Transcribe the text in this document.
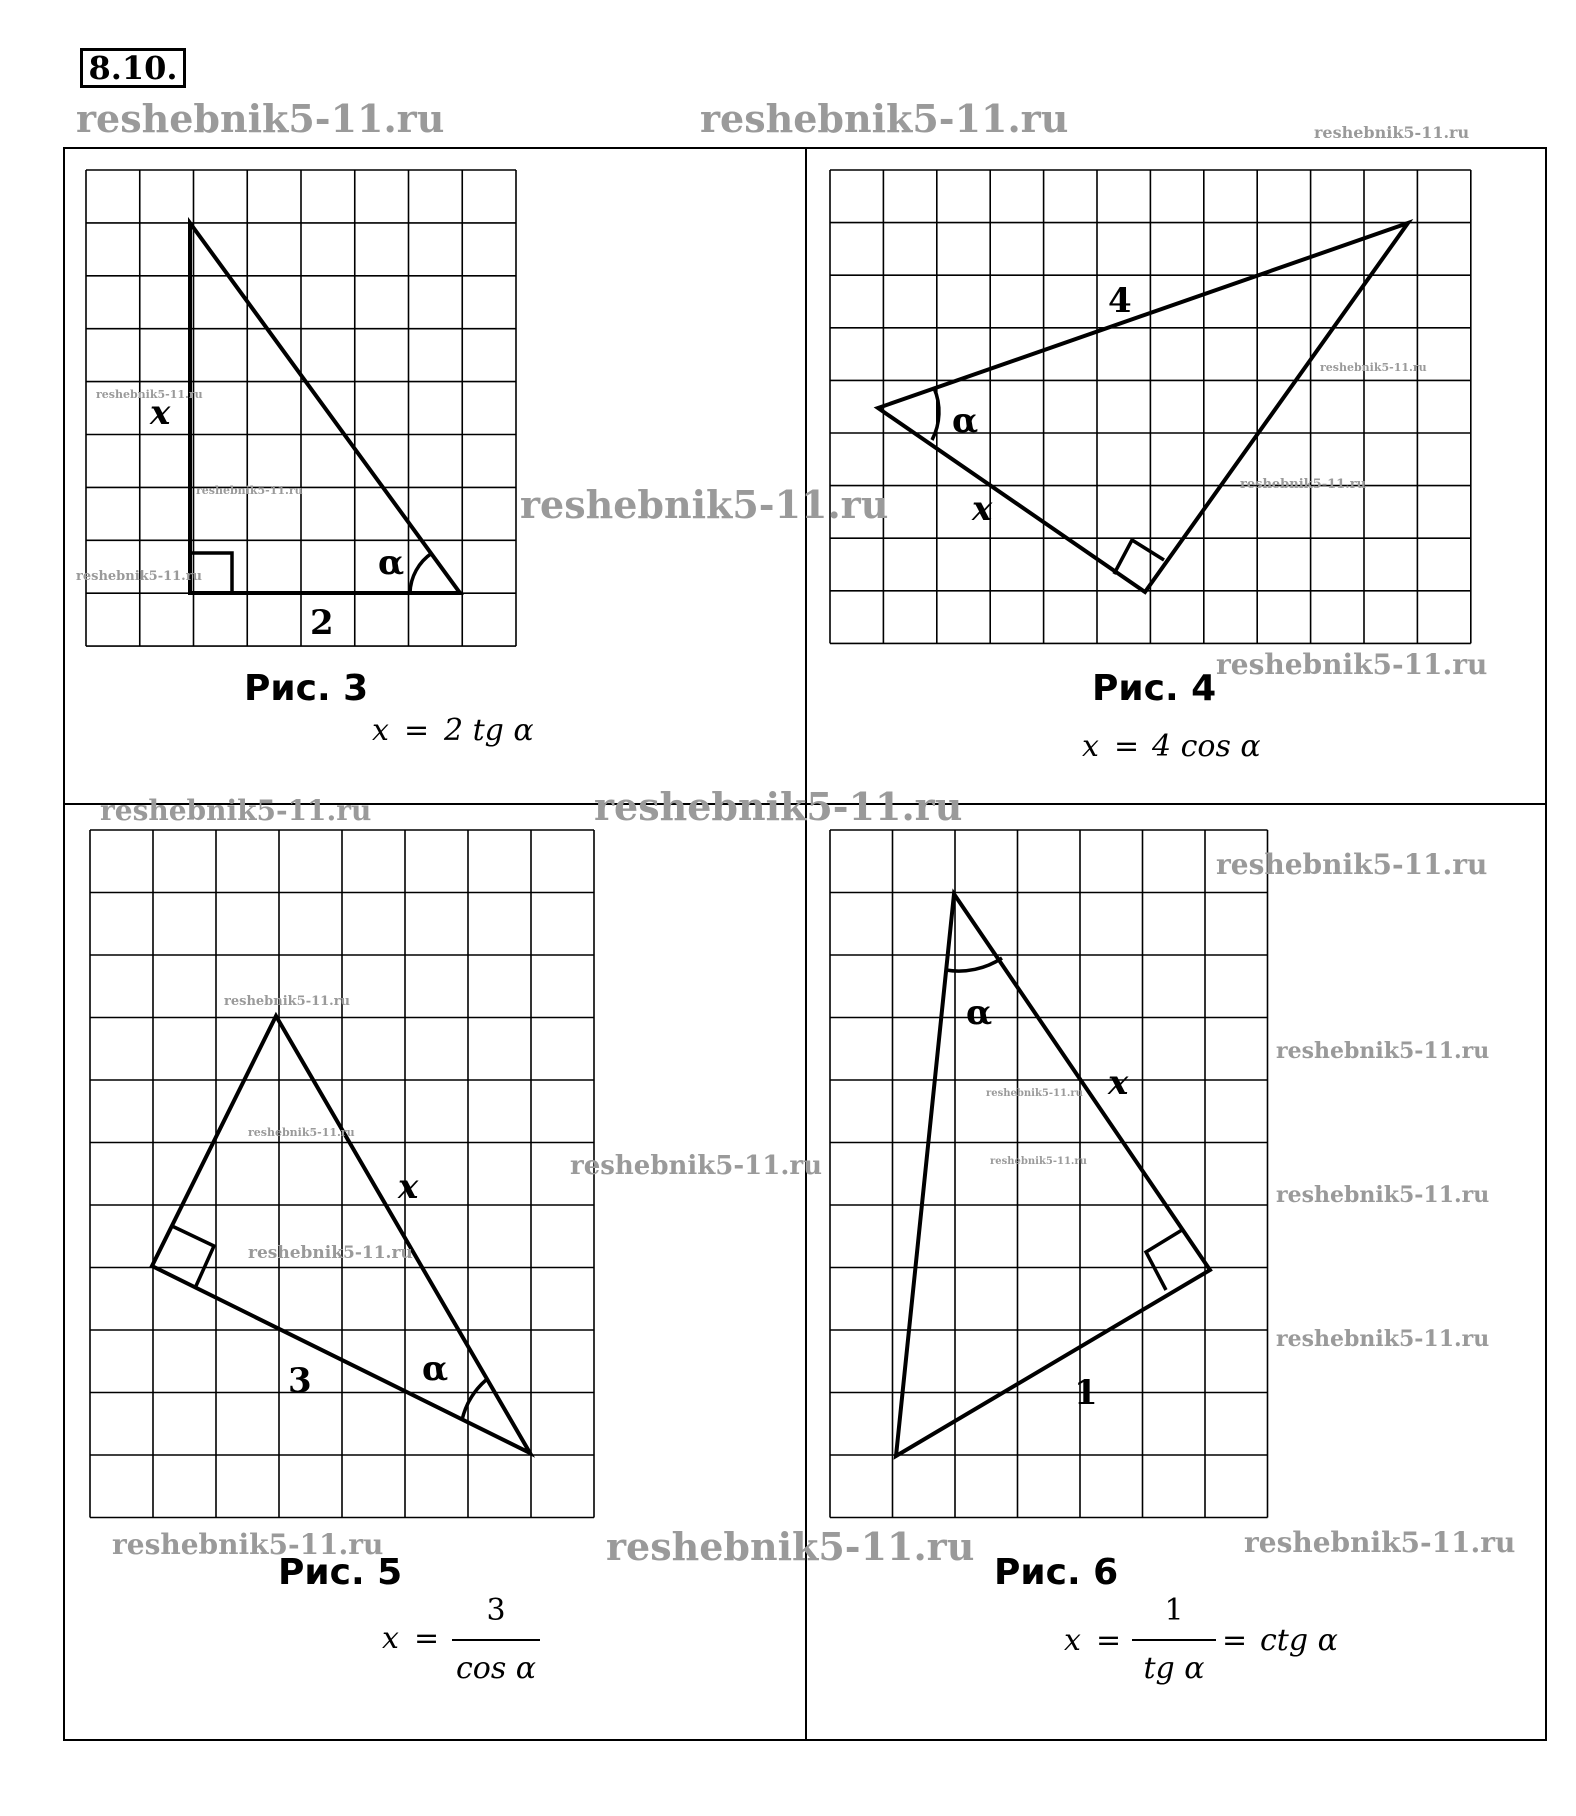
8.10.
x
2
α
Рис. 3
x = 2 tg α
4
x
α
Рис. 4
x = 4 cos α
x
3	α
Рис. 5
x =
3
cos α
x
1
α
Рис. 6
x =
1
tg α
= ctg α
reshebnik5-11.ru	reshebnik5-11.ru	reshebnik5-11.ru
reshebnik5-11.ru
reshebnik5-11.ru
reshebnik5-11.ru
reshebnik5-11.ru
reshebnik5-11.ru
reshebnik5-11.ru
reshebnik5-11.ru
reshebnik5-11.ru	reshebnik5-11.ru
reshebnik5-11.ru
reshebnik5-11.ru
reshebnik5-11.ru
reshebnik5-11.ru
reshebnik5-11.ru
reshebnik5-11.ru
reshebnik5-11.ru
reshebnik5-11.ru
reshebnik5-11.ru
reshebnik5-11.ru
reshebnik5-11.ru	reshebnik5-11.ru	reshebnik5-11.ru
